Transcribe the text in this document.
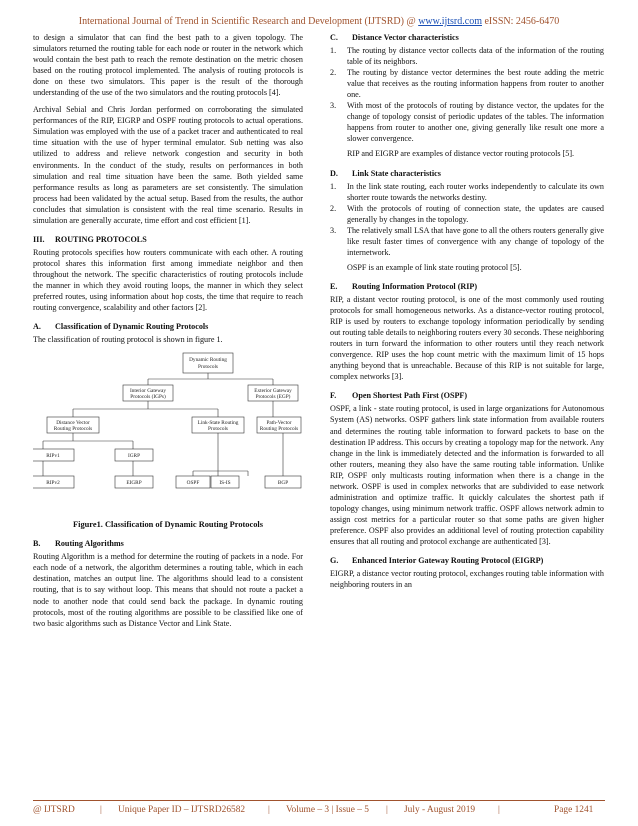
International Journal of Trend in Scientific Research and Development (IJTSRD) @ www.ijtsrd.com eISSN: 2456-6470

to design a simulator that can find the best path to a given topology. The simulators returned the routing table for each node or router in the network which would contain the best path to reach the remote destination on the metric chosen based on the routing protocol implemented. The analysis of routing protocols is done on these two simulators. This paper is the result of the thorough understanding of the use of the two simulators and the routing protocols [4].

Archival Sebial and Chris Jordan performed on corroborating the simulated performances of the RIP, EIGRP and OSPF routing protocols to actual operations. Simulation was employed with the use of a packet tracer and authenticated to real time situation with the use of hyper terminal emulator. Sub netting was also utilized to address and relieve network congestion and security in both environments. In the conduct of the study, results on performances in both simulation and real time situation have been the same. Both yielded same performance results as long as parameters are set consistently. The simulation process had been validated by the actual setup. Based from the results, the author concludes that simulation is consistent with the real time scenario. Results in simulation are generally accurate, time effort and cost efficient [1].

III. ROUTING PROTOCOLS

Routing protocols specifies how routers communicate with each other. A routing protocol shares this information first among immediate neighbor and then throughout the network. The specific characteristics of routing protocols include the manner in which they avoid routing loops, the manner in which they select preferred routes, using information about hop costs, the time that require to reach routing convergence, scalability and other factors [2].

A. Classification of Dynamic Routing Protocols

The classification of routing protocol is shown in figure 1.

Dynamic Routing
Protocols
Interior Gateway
Protocols (IGPs)
Exterior Gateway
Protocols (EGP)
Distance Vector
Routing Protocols
Link-State Routing
Protocols
Path-Vector
Routing Protocols
RIPv1	IGRP
RIPv2	EIGRP	OSPF	IS-IS	BGP
Figure1. Classification of Dynamic Routing Protocols
B. Routing Algorithms

Routing Algorithm is a method for determine the routing of packets in a node. For each node of a network, the algorithm determines a routing table, which in each destination, matches an output line. The algorithms should lead to a consistent routing, that is to say without loop. This means that should not route a packet a node to another node that could send back the package. In dynamic routing protocols, most of the routing algorithms are possible to be classified like one of two basic algorithms such as Distance Vector and Link State.

C. Distance Vector characteristics
1. The routing by distance vector collects data of the information of the routing table of its neighbors.
2. The routing by distance vector determines the best route adding the metric value that receives as the routing information happens from router to another one.
3. With most of the protocols of routing by distance vector, the updates for the change of topology consist of periodic updates of the tables. The information happens from router to another one, giving generally like result one more a slower convergence.

RIP and EIGRP are examples of distance vector routing protocols [5].

D. Link State characteristics
1. In the link state routing, each router works independently to calculate its own shorter route towards the networks destiny.
2. With the protocols of routing of connection state, the updates are caused generally by changes in the topology.
3. The relatively small LSA that have gone to all the others routers generally give like result faster times of convergence with any change of topology of the internetwork.

OSPF is an example of link state routing protocol [5].

E. Routing Information Protocol (RIP)

RIP, a distant vector routing protocol, is one of the most commonly used routing protocols for small homogeneous networks. As a distance-vector routing protocol, RIP is used by routers to exchange topology information periodically by sending out routing table details to neighboring routers every 30 seconds. These neighboring routers in turn forward the information to other routers until they reach network convergence. RIP uses the hop count metric with the maximum limit of 15 hops anything beyond that is unreachable. Because of this RIP is not suitable for large, complex networks [3].

F. Open Shortest Path First (OSPF)

OSPF, a link - state routing protocol, is used in large organizations for Autonomous System (AS) networks. OSPF gathers link state information from available routers and determines the routing table information to forward packets to base on the destination IP address. This occurs by creating a topology map for the network. Any change in the link is immediately detected and the information is forwarded to all other routers, meaning they also have the same routing table information. Unlike RIP, OSPF only multicasts routing information when there is a change in the network. OSPF is used in complex networks that are subdivided to ease network administration and optimize traffic. It quickly calculates the shortest path if topology changes, using minimum network traffic. OSPF allows network admin to assign cost metrics for a particular router so that some paths are given higher preference. OSPF also provides an additional level of routing protection capability ensures that all routing and protocol exchange are authenticated [3].

G.	Enhanced Interior Gateway Routing Protocol (EIGRP)

EIGRP, a distance vector routing protocol, exchanges routing table information with neighboring routers in an

@ IJTSRD	| Unique Paper ID – IJTSRD26582 | Volume – 3 | Issue – 5 | July - August 2019 |	Page 1241
